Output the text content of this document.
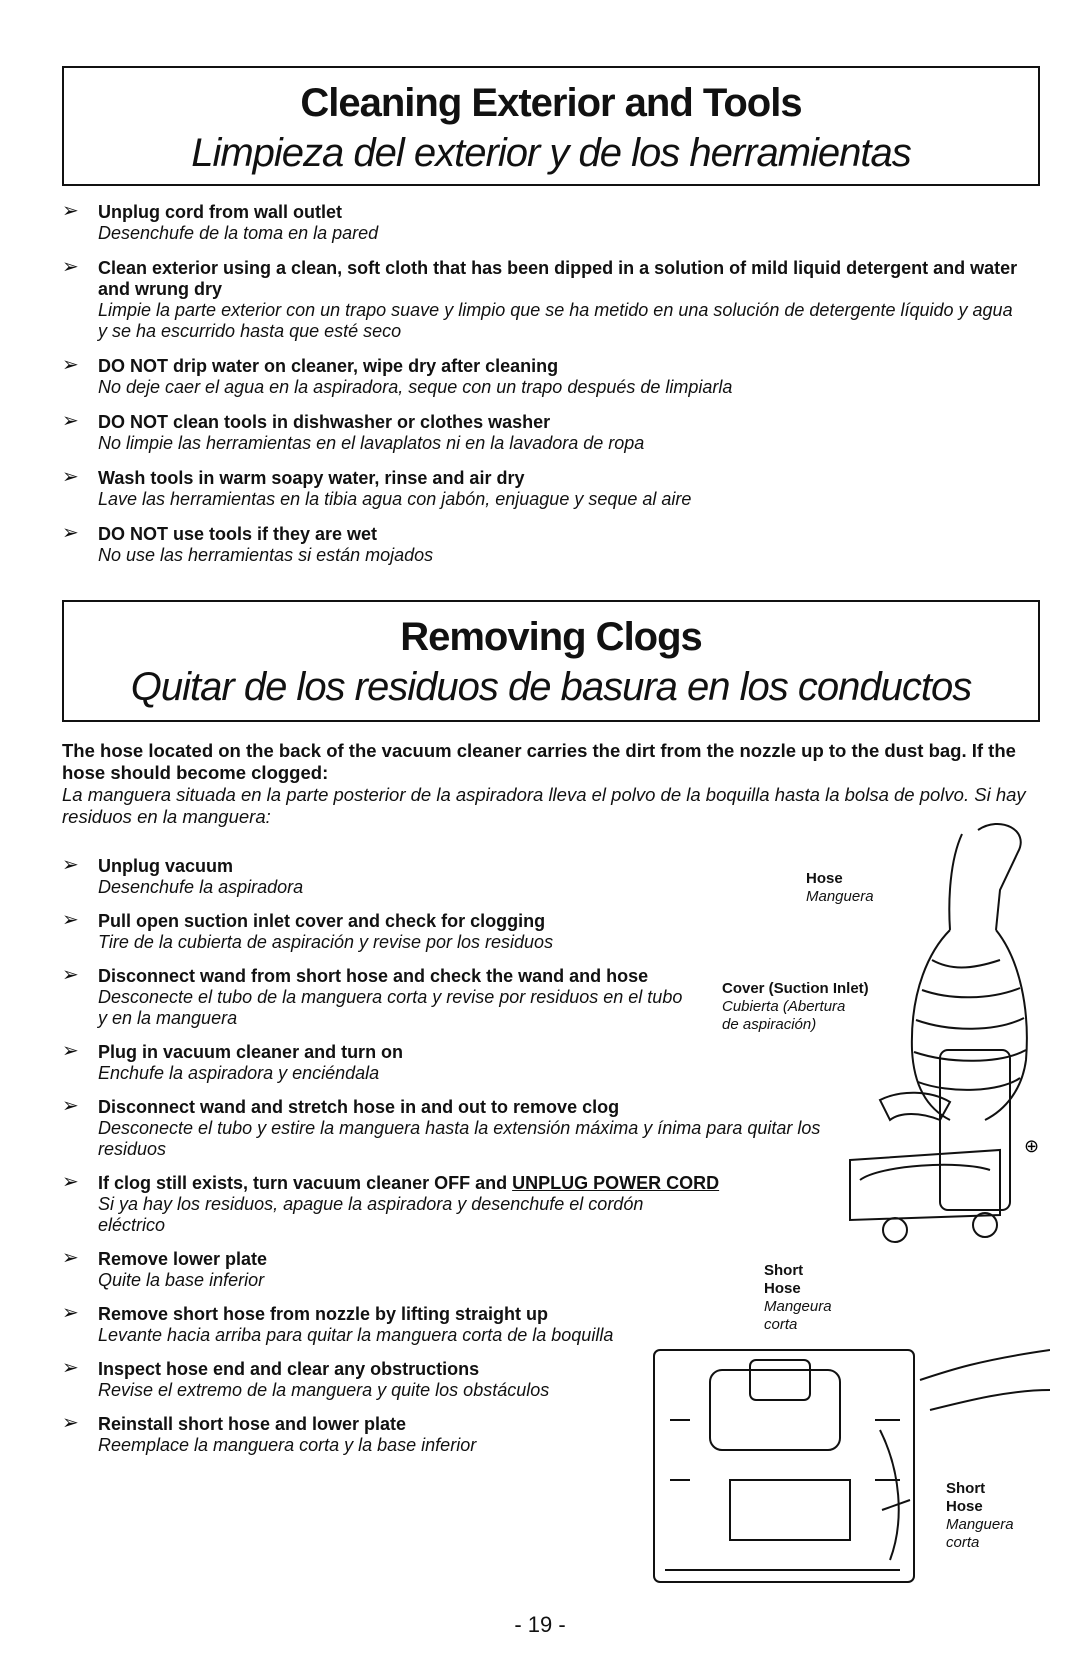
Cleaning Exterior and Tools
Limpieza del exterior y de los herramientas
➢ Unplug cord from wall outlet
Desenchufe de la toma en la pared
➢ Clean exterior using a clean, soft cloth that has been dipped in a solution of mild liquid detergent and water and wrung dry
Limpie la parte exterior con un trapo suave y limpio que se ha metido en una solución de detergente líquido y agua y se ha escurrido hasta que esté seco
➢ DO NOT drip water on cleaner, wipe dry after cleaning
No deje caer el agua en la aspiradora, seque con un trapo después de limpiarla
➢ DO NOT clean tools in dishwasher or clothes washer
No limpie las herramientas en el lavaplatos ni en la lavadora de ropa
➢ Wash tools in warm soapy water, rinse and air dry
Lave las herramientas en la tibia agua con jabón, enjuague y seque al aire
➢ DO NOT use tools if they are wet
No use las herramientas si están mojados
Removing Clogs
Quitar de los residuos de basura en los conductos
The hose located on the back of the vacuum cleaner carries the dirt from the nozzle up to the dust bag. If the hose should become clogged:
La manguera situada en la parte posterior de la aspiradora lleva el polvo de la boquilla hasta la bolsa de polvo. Si hay residuos en la manguera:
⊕
Hose
Manguera
Cover (Suction Inlet)
Cubierta (Abertura
de aspiración)
Short
Hose
Mangeura
corta
Short
Hose
Manguera
corta
➢ Unplug vacuum
Desenchufe la aspiradora
➢ Pull open suction inlet cover and check for clogging
Tire de la cubierta de aspiración y revise por los residuos
➢ Disconnect wand from short hose and check the wand and hose
Desconecte el tubo de la manguera corta y revise por residuos en el tubo y en la manguera
➢ Plug in vacuum cleaner and turn on
Enchufe la aspiradora y enciéndala
➢ Disconnect wand and stretch hose in and out to remove clog
Desconecte el tubo y estire la manguera hasta la extensión máxima y ínima para quitar los residuos
➢ If clog still exists, turn vacuum cleaner OFF and UNPLUG POWER CORD
Si ya hay los residuos, apague la aspiradora y desenchufe el cordón eléctrico
➢ Remove lower plate
Quite la base inferior
➢ Remove short hose from nozzle by lifting straight up
Levante hacia arriba para quitar la manguera corta de la boquilla
➢ Inspect hose end and clear any obstructions
Revise el extremo de la manguera y quite los obstáculos
➢ Reinstall short hose and lower plate
Reemplace la manguera corta y la base inferior
- 19 -
